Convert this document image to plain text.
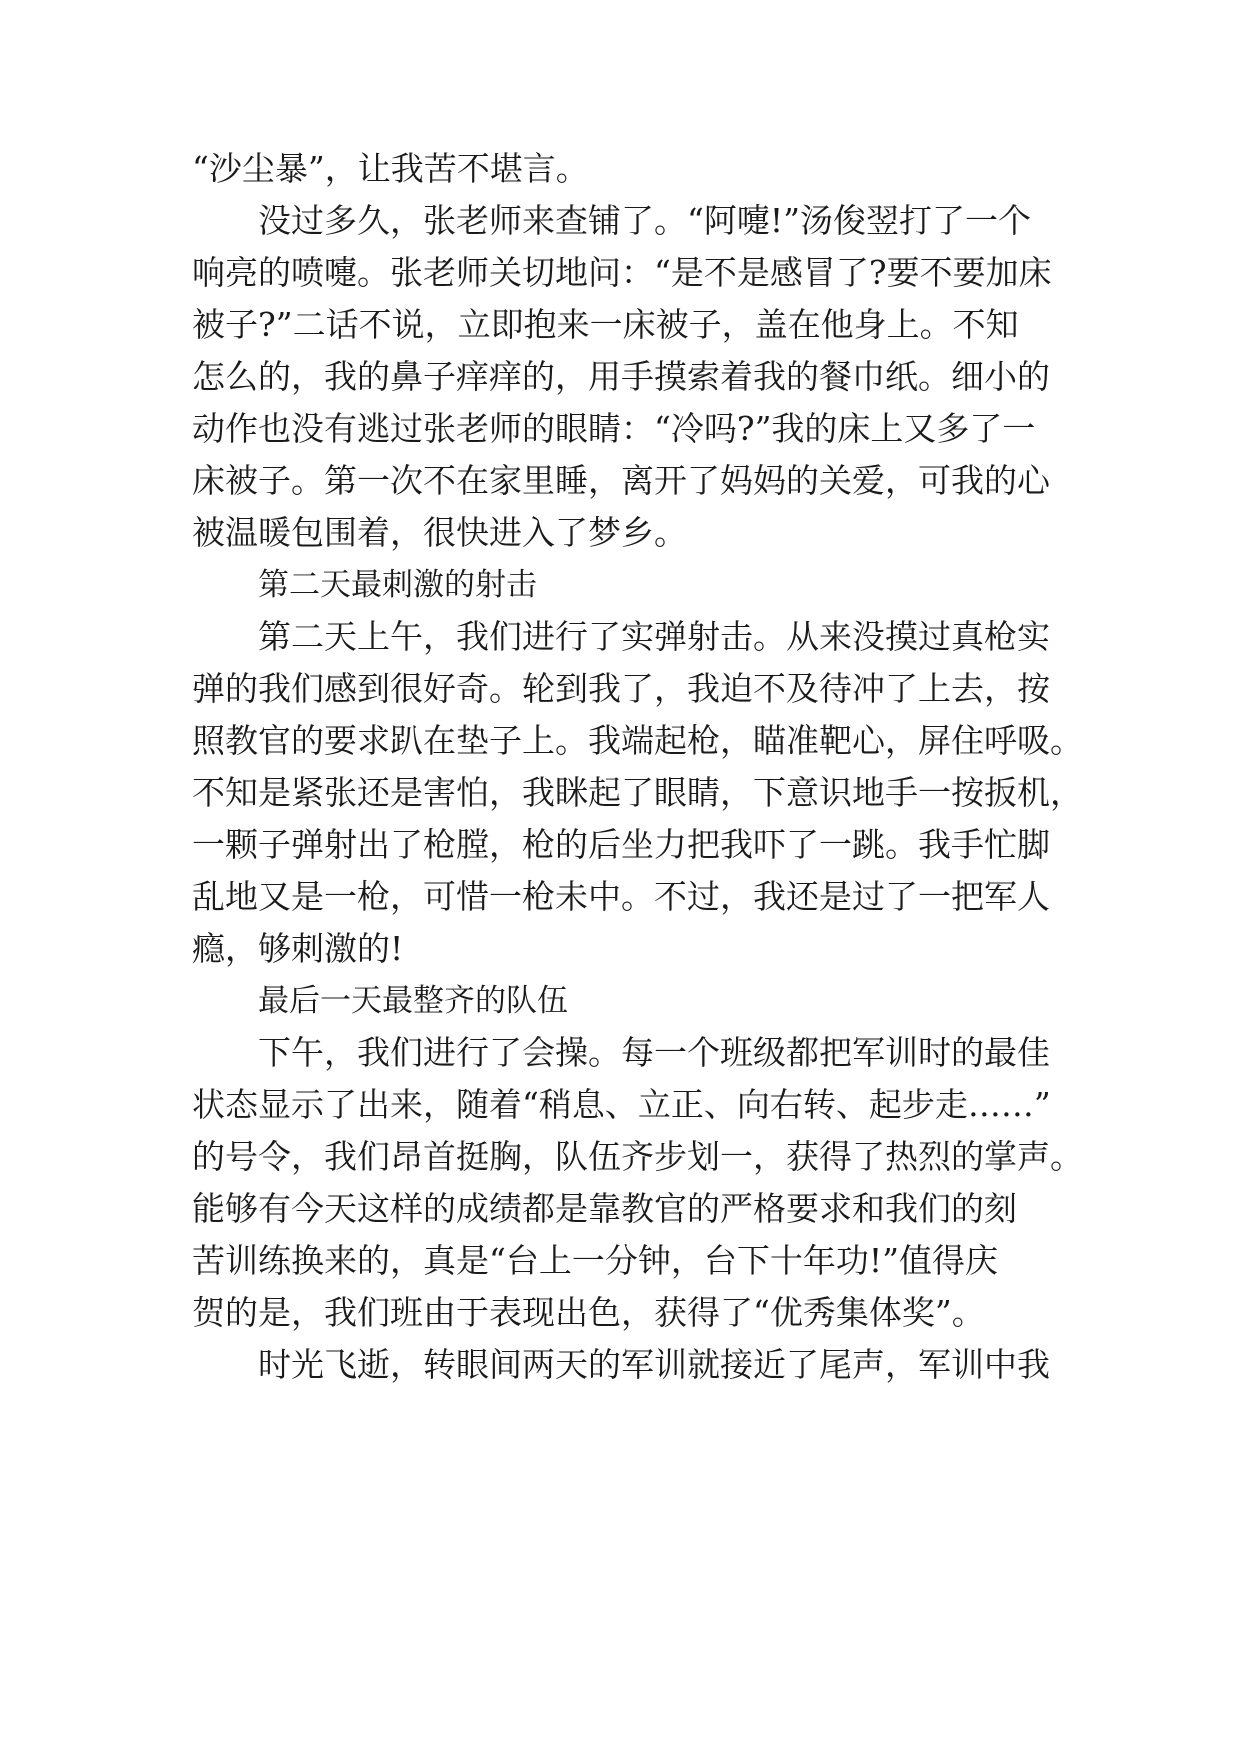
“沙尘暴”，让我苦不堪言。
没过多久，张老师来查铺了。“阿嚏!”汤俊翌打了一个
响亮的喷嚏。张老师关切地问：“是不是感冒了?要不要加床
被子?”二话不说，立即抱来一床被子，盖在他身上。不知
怎么的，我的鼻子痒痒的，用手摸索着我的餐巾纸。细小的
动作也没有逃过张老师的眼睛：“冷吗?”我的床上又多了一
床被子。第一次不在家里睡，离开了妈妈的关爱，可我的心
被温暖包围着，很快进入了梦乡。
第二天最刺激的射击
第二天上午，我们进行了实弹射击。从来没摸过真枪实
弹的我们感到很好奇。轮到我了，我迫不及待冲了上去，按
照教官的要求趴在垫子上。我端起枪，瞄准靶心，屏住呼吸。
不知是紧张还是害怕，我眯起了眼睛，下意识地手一按扳机，
一颗子弹射出了枪膛，枪的后坐力把我吓了一跳。我手忙脚
乱地又是一枪，可惜一枪未中。不过，我还是过了一把军人
瘾，够刺激的!
最后一天最整齐的队伍
下午，我们进行了会操。每一个班级都把军训时的最佳
状态显示了出来，随着“稍息、立正、向右转、起步走……”
的号令，我们昂首挺胸，队伍齐步划一，获得了热烈的掌声。
能够有今天这样的成绩都是靠教官的严格要求和我们的刻
苦训练换来的，真是“台上一分钟，台下十年功!”值得庆
贺的是，我们班由于表现出色，获得了“优秀集体奖”。
时光飞逝，转眼间两天的军训就接近了尾声，军训中我
